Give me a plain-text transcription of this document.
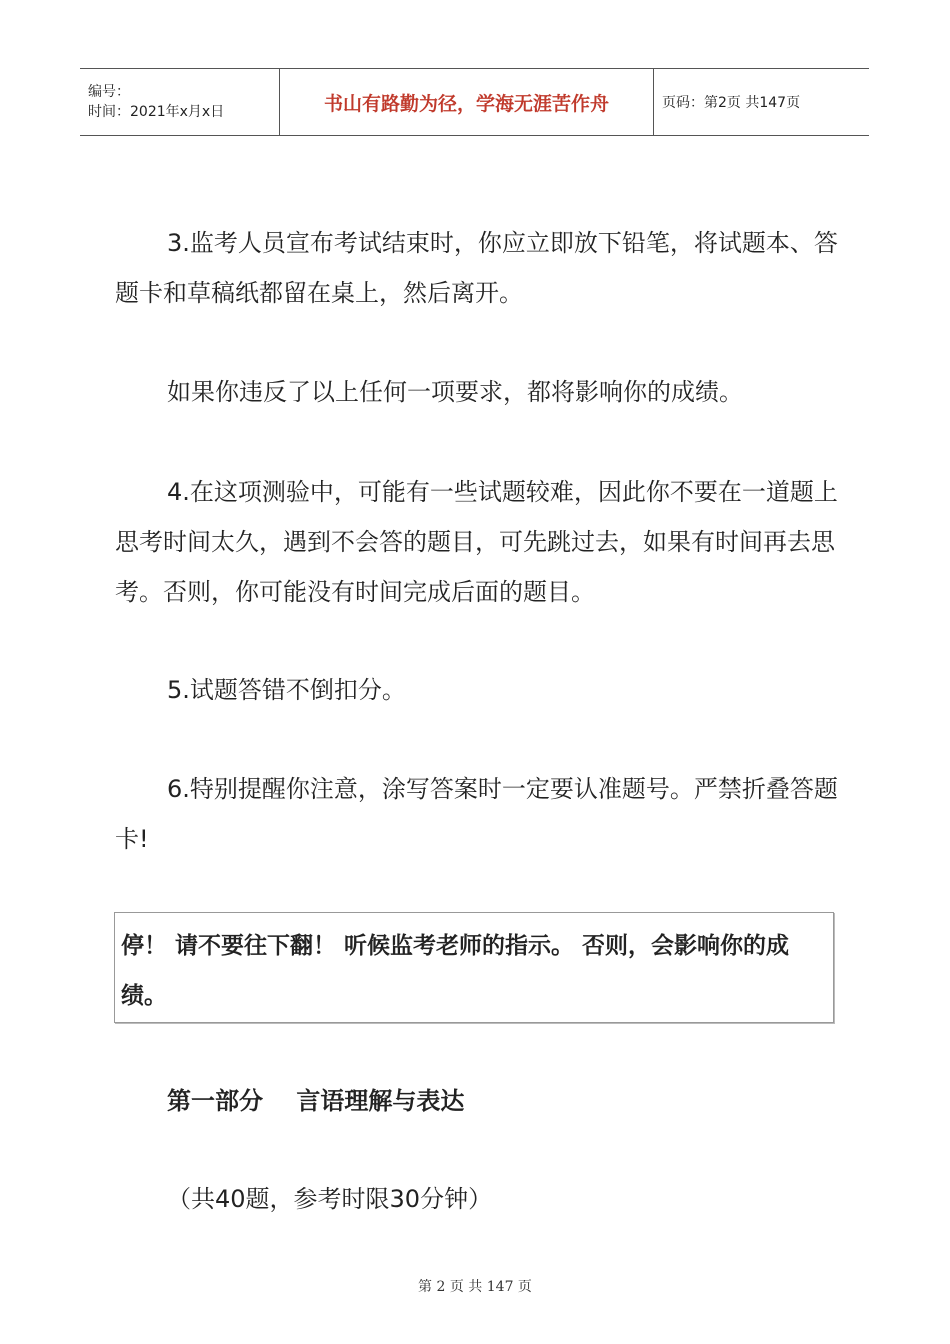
编号：
时间：2021年x月x日	书山有路勤为径，学海无涯苦作舟	页码：第2页 共147页

3.监考人员宣布考试结束时，你应立即放下铅笔，将试题本、答题卡和草稿纸都留在桌上，然后离开。

如果你违反了以上任何一项要求，都将影响你的成绩。

4.在这项测验中，可能有一些试题较难，因此你不要在一道题上思考时间太久，遇到不会答的题目，可先跳过去，如果有时间再去思考。否则，你可能没有时间完成后面的题目。

5.试题答错不倒扣分。

6.特别提醒你注意，涂写答案时一定要认准题号。严禁折叠答题卡!

停！ 请不要往下翻！ 听候监考老师的指示。 否则，会影响你的成绩。
第一部分    言语理解与表达

（共40题，参考时限30分钟）

第 2 页 共 147 页
